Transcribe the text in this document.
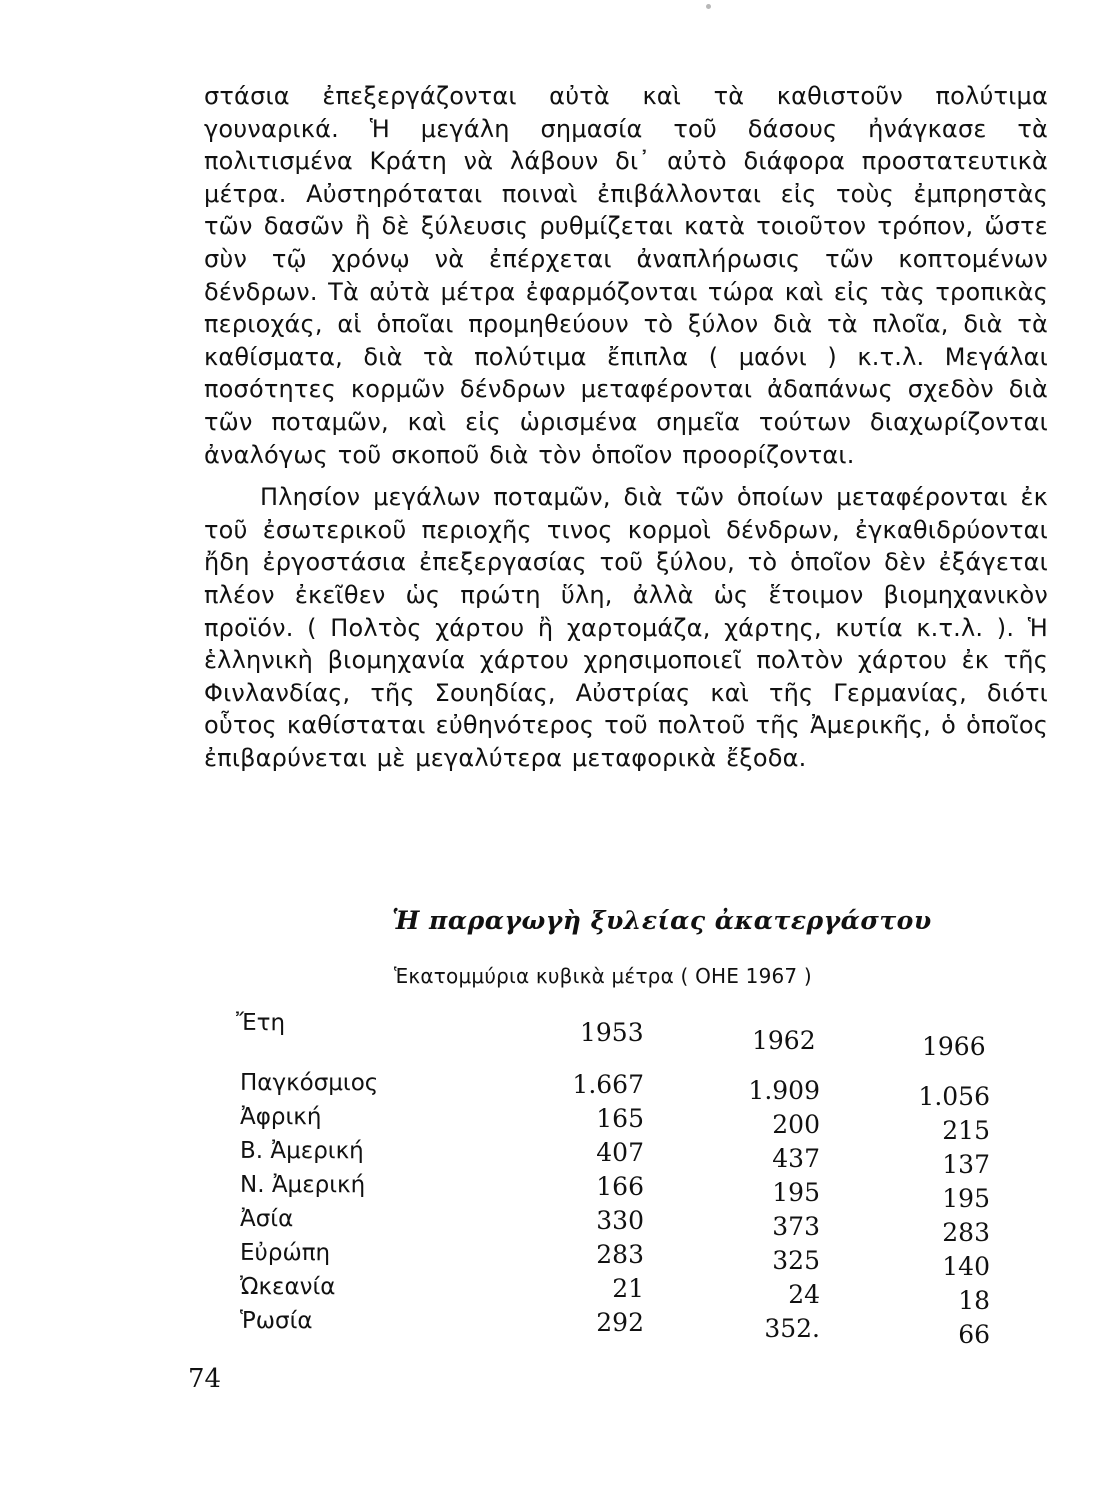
στάσια ἐπεξεργάζονται αὐτὰ καὶ τὰ καθιστοῦν πολύτιμα γουναρικά. Ἡ μεγάλη σημασία τοῦ δάσους ἠνάγκασε τὰ πολιτισμένα Κράτη νὰ λάβουν δι᾿ αὐτὸ διάφορα προστατευτικὰ μέτρα. Αὐστηρόταται ποιναὶ ἐπιβάλλονται εἰς τοὺς ἐμπρηστὰς τῶν δασῶν ἢ δὲ ξύλευσις ρυθμίζεται κατὰ τοιοῦτον τρόπον, ὥστε σὺν τῷ χρόνῳ νὰ ἐπέρχεται ἀναπλήρωσις τῶν κοπτομένων δένδρων. Τὰ αὐτὰ μέτρα ἐφαρμόζονται τώρα καὶ εἰς τὰς τροπικὰς περιοχάς, αἱ ὁποῖαι προμηθεύουν τὸ ξύλον διὰ τὰ πλοῖα, διὰ τὰ καθίσματα, διὰ τὰ πολύτιμα ἔπιπλα ( μαόνι ) κ.τ.λ. Μεγάλαι ποσότητες κορμῶν δένδρων μεταφέρονται ἀδαπάνως σχεδὸν διὰ τῶν ποταμῶν, καὶ εἰς ὡρισμένα σημεῖα τούτων διαχωρίζονται ἀναλόγως τοῦ σκοποῦ διὰ τὸν ὁποῖον προορίζονται.

Πλησίον μεγάλων ποταμῶν, διὰ τῶν ὁποίων μεταφέρονται ἐκ τοῦ ἐσωτερικοῦ περιοχῆς τινος κορμοὶ δένδρων, ἐγκαθιδρύονται ἤδη ἐργοστάσια ἐπεξεργασίας τοῦ ξύλου, τὸ ὁποῖον δὲν ἐξάγεται πλέον ἐκεῖθεν ὡς πρώτη ὕλη, ἀλλὰ ὡς ἕτοιμον βιομηχανικὸν προϊόν. ( Πολτὸς χάρτου ἢ χαρτομάζα, χάρτης, κυτία κ.τ.λ. ). Ἡ ἑλληνικὴ βιομηχανία χάρτου χρησιμοποιεῖ πολτὸν χάρτου ἐκ τῆς Φινλανδίας, τῆς Σουηδίας, Αὐστρίας καὶ τῆς Γερμανίας, διότι οὗτος καθίσταται εὐθηνότερος τοῦ πολτοῦ τῆς Ἀμερικῆς, ὁ ὁποῖος ἐπιβαρύνεται μὲ μεγαλύτερα μεταφορικὰ ἔξοδα.

Ἡ παραγωγὴ ξυλείας ἀκατεργάστου
Ἑκατομμύρια κυβικὰ μέτρα ( ΟΗΕ 1967 )
Ἔτη	1953	1962	1966
Παγκόσμιος	1.667	1.909	1.056
Ἀφρική	165	200	215
Β. Ἀμερική	407	437	137
Ν. Ἀμερική	166	195	195
Ἀσία	330	373	283
Εὐρώπη	283	325	140
Ὠκεανία	21	24	18
Ῥωσία	292	352.	66
74
